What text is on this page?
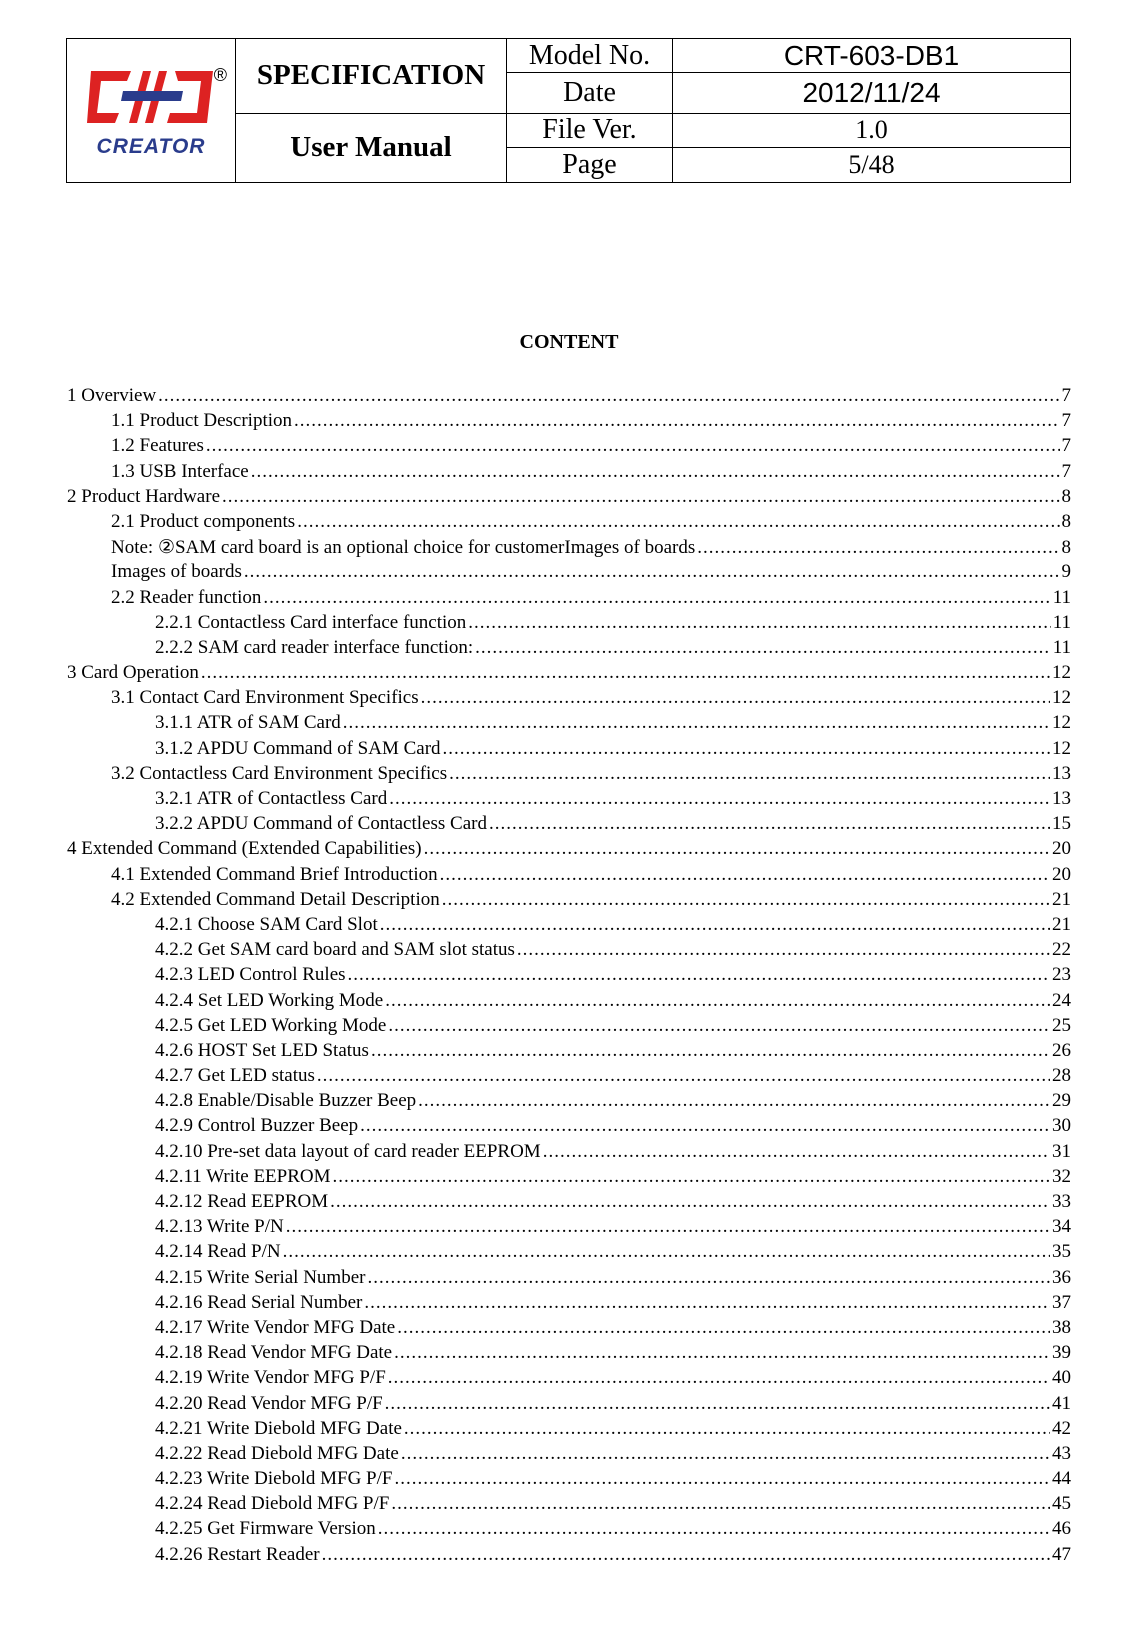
®
CREATOR	SPECIFICATION	Model No.	CRT-603-DB1
		Date	2012/11/24
	User Manual	File Ver.	1.0
		Page	5/48
CONTENT
1 Overview .....	7
1.1 Product Description .....	7
1.2 Features .....	7
1.3 USB Interface .....	7
2 Product Hardware .....	8
2.1 Product components .....	8
Note: ②SAM card board is an optional choice for customerImages of boards .....	8
Images of boards .....	9
2.2 Reader function .....	11
2.2.1 Contactless Card interface function .....	11
2.2.2 SAM card reader interface function: .....	11
3 Card Operation .....	12
3.1 Contact Card Environment Specifics .....	12
3.1.1 ATR of SAM Card .....	12
3.1.2 APDU Command of SAM Card .....	12
3.2 Contactless Card Environment Specifics .....	13
3.2.1 ATR of Contactless Card .....	13
3.2.2 APDU Command of Contactless Card .....	15
4 Extended Command (Extended Capabilities) .....	20
4.1 Extended Command Brief Introduction .....	20
4.2 Extended Command Detail Description .....	21
4.2.1 Choose SAM Card Slot .....	21
4.2.2 Get SAM card board and SAM slot status .....	22
4.2.3 LED Control Rules .....	23
4.2.4 Set LED Working Mode .....	24
4.2.5 Get LED Working Mode .....	25
4.2.6 HOST Set LED Status .....	26
4.2.7 Get LED status .....	28
4.2.8 Enable/Disable Buzzer Beep .....	29
4.2.9 Control Buzzer Beep .....	30
4.2.10 Pre-set data layout of card reader EEPROM .....	31
4.2.11 Write EEPROM .....	32
4.2.12 Read EEPROM .....	33
4.2.13 Write P/N .....	34
4.2.14 Read P/N .....	35
4.2.15 Write Serial Number .....	36
4.2.16 Read Serial Number .....	37
4.2.17 Write Vendor MFG Date .....	38
4.2.18 Read Vendor MFG Date .....	39
4.2.19 Write Vendor MFG P/F .....	40
4.2.20 Read Vendor MFG P/F .....	41
4.2.21 Write Diebold MFG Date .....	42
4.2.22 Read Diebold MFG Date .....	43
4.2.23 Write Diebold MFG P/F .....	44
4.2.24 Read Diebold MFG P/F .....	45
4.2.25 Get Firmware Version .....	46
4.2.26 Restart Reader .....	47
